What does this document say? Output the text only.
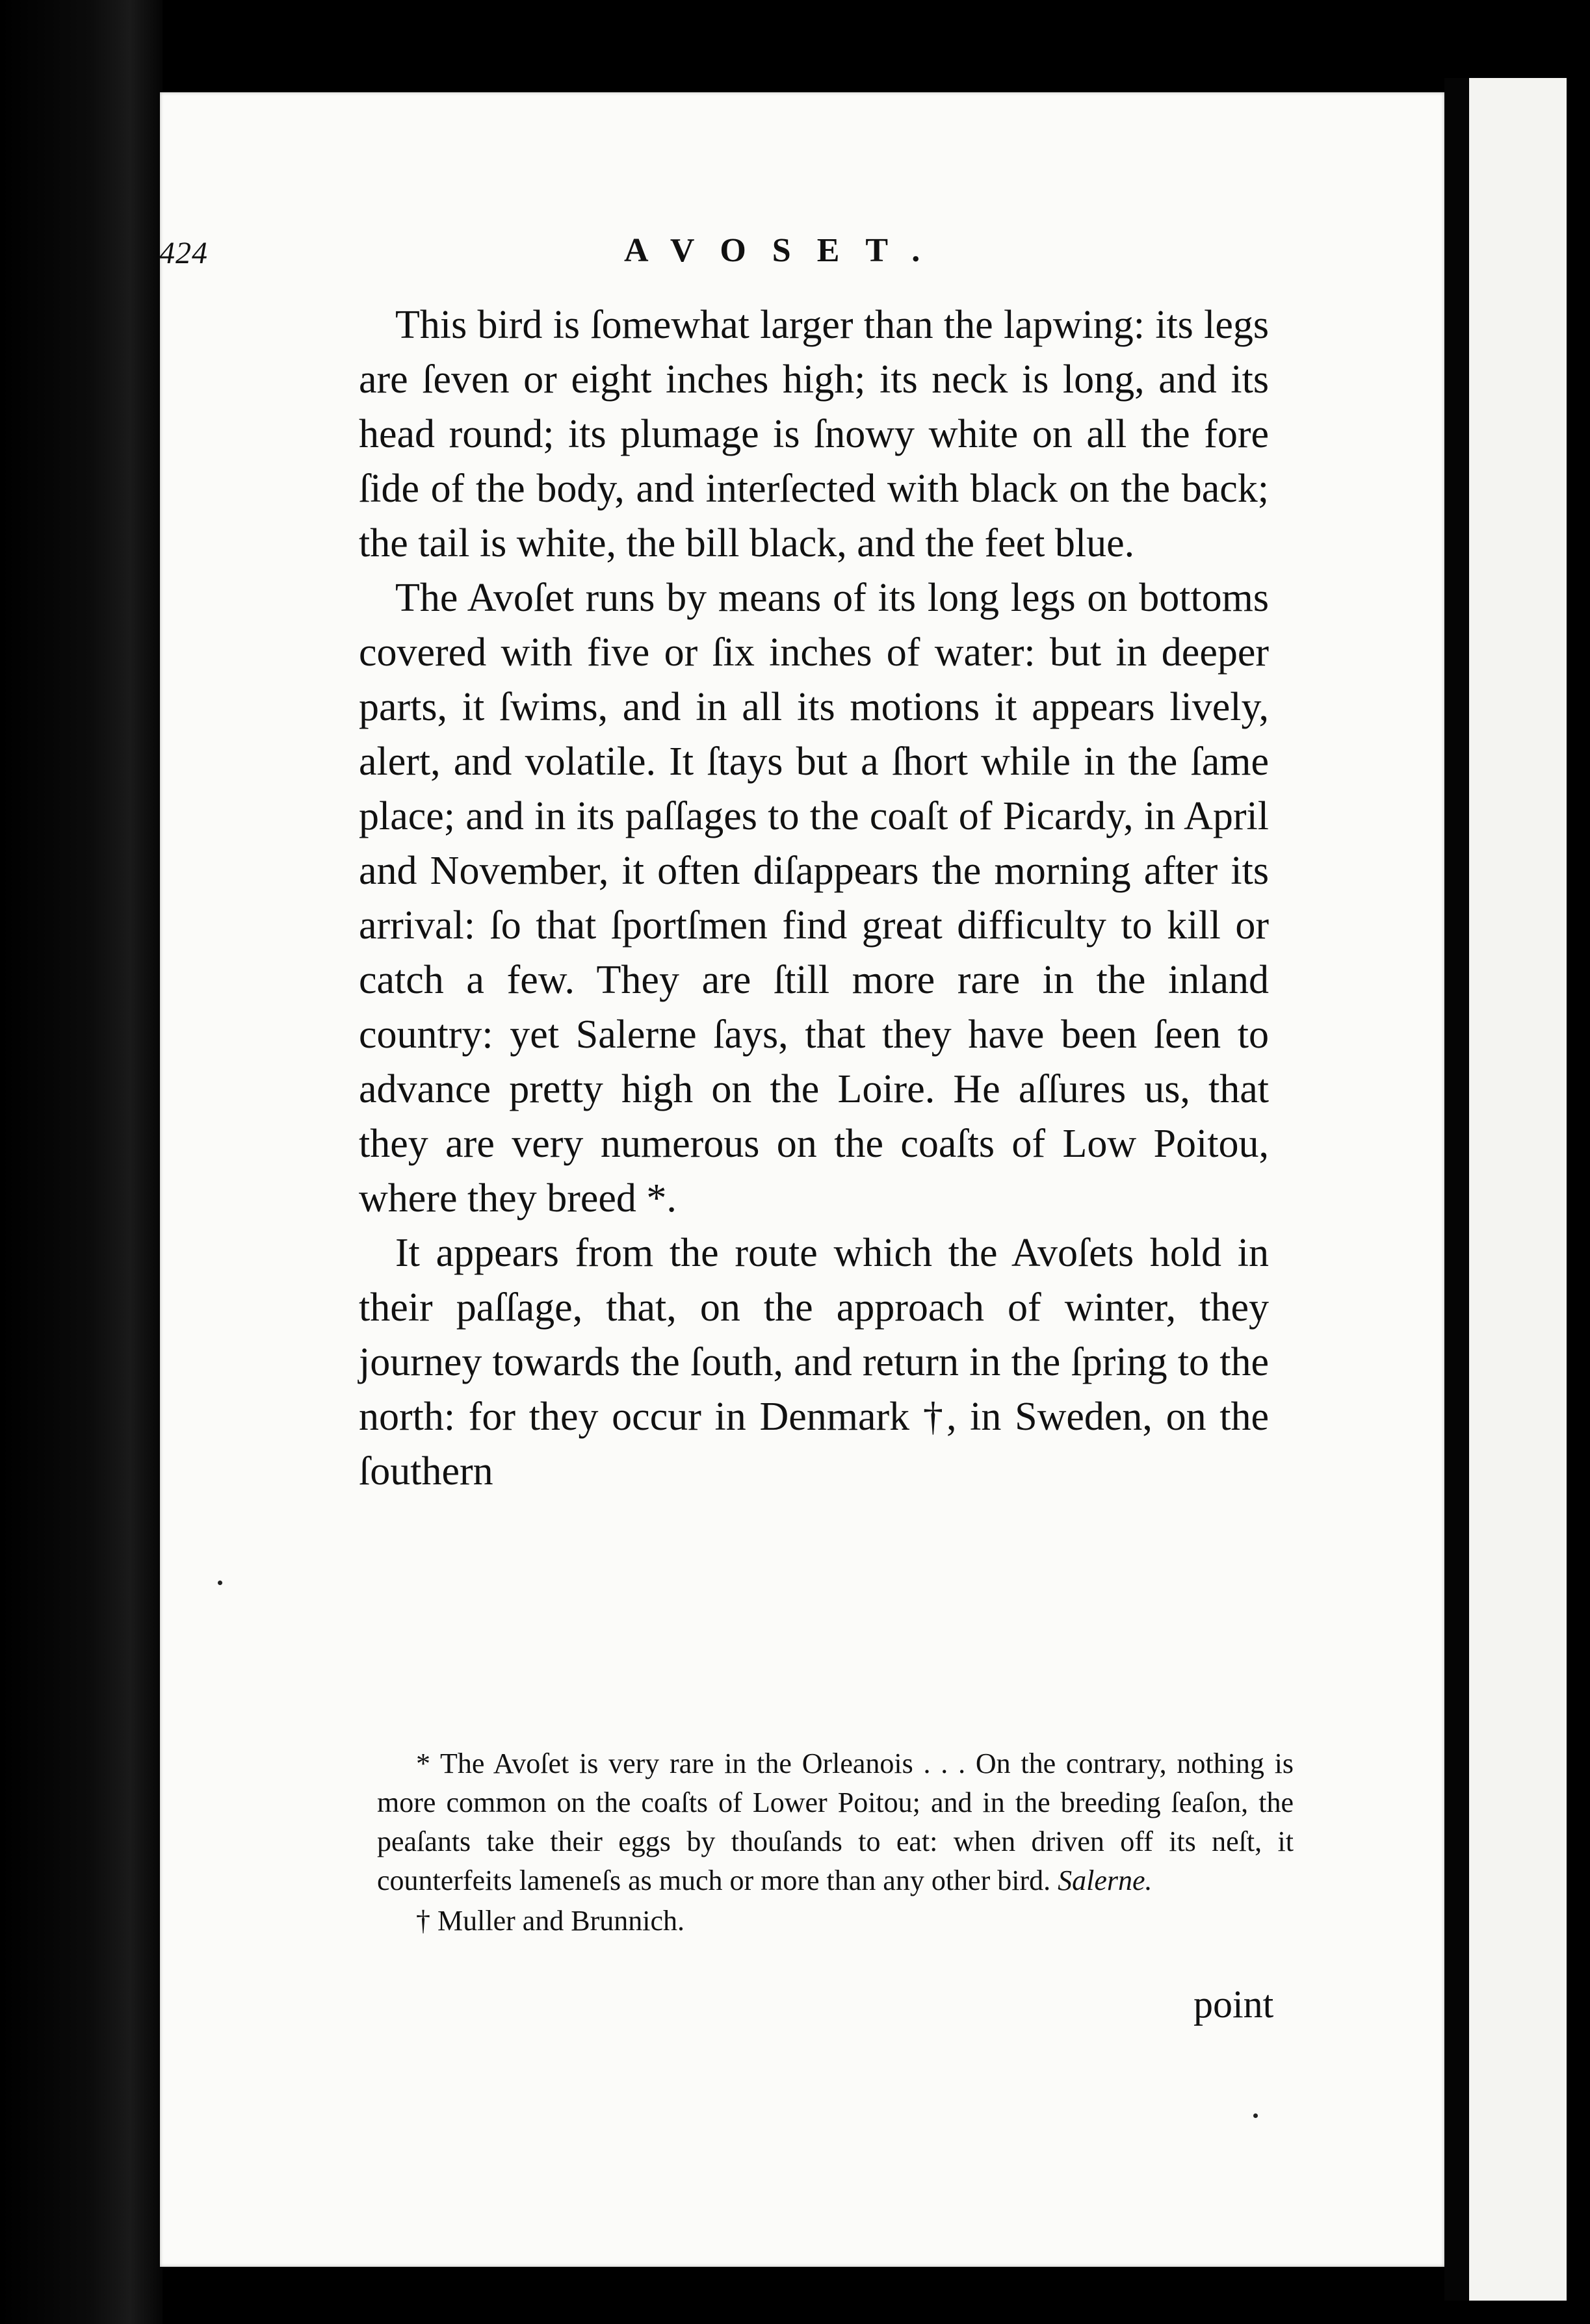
424	AVOSET.

This bird is ſomewhat larger than the lapwing: its legs are ſeven or eight inches high; its neck is long, and its head round; its plumage is ſnowy white on all the fore ſide of the body, and interſected with black on the back; the tail is white, the bill black, and the feet blue.

The Avoſet runs by means of its long legs on bottoms covered with five or ſix inches of water: but in deeper parts, it ſwims, and in all its motions it appears lively, alert, and volatile. It ſtays but a ſhort while in the ſame place; and in its paſſages to the coaſt of Picardy, in April and November, it often diſappears the morning after its arrival: ſo that ſportſmen find great difficulty to kill or catch a few. They are ſtill more rare in the inland country: yet Salerne ſays, that they have been ſeen to advance pretty high on the Loire. He aſſures us, that they are very numerous on the coaſts of Low Poitou, where they breed *.

It appears from the route which the Avoſets hold in their paſſage, that, on the approach of winter, they journey towards the ſouth, and return in the ſpring to the north: for they occur in Denmark †, in Sweden, on the ſouthern

* The Avoſet is very rare in the Orleanois . . . On the contrary, nothing is more common on the coaſts of Lower Poitou; and in the breeding ſeaſon, the peaſants take their eggs by thouſands to eat: when driven off its neſt, it counterfeits lameneſs as much or more than any other bird. Salerne.

† Muller and Brunnich.

point
